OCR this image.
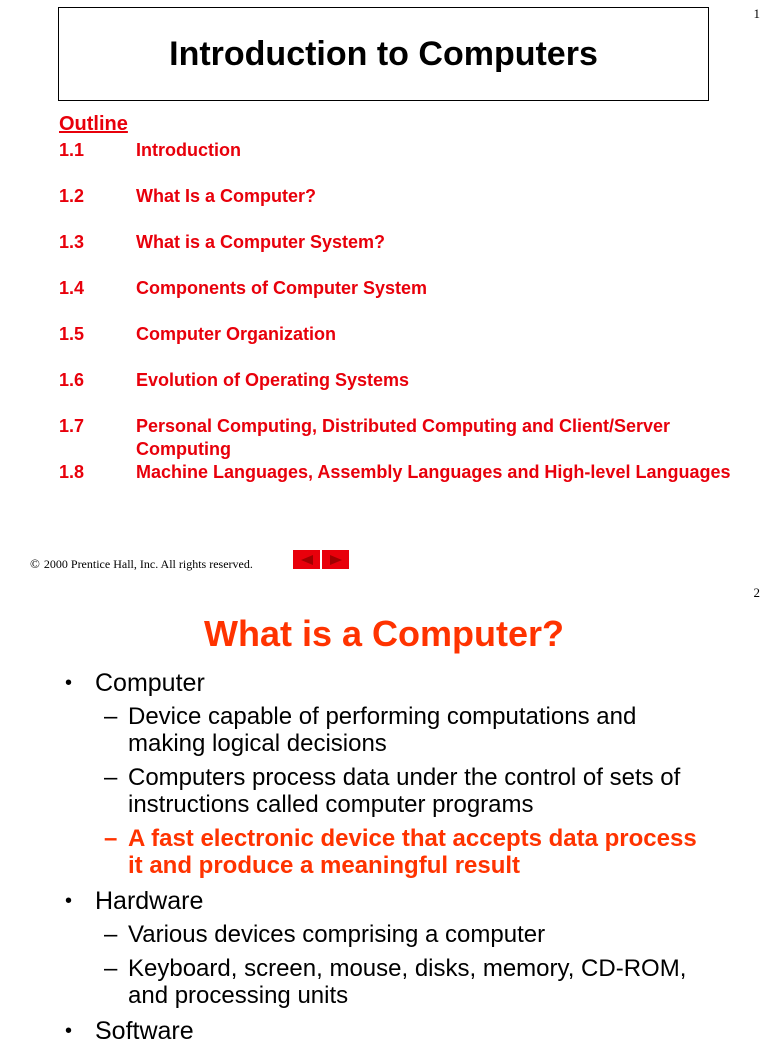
1
Introduction to Computers
Outline
1.1	Introduction
1.2	What Is a Computer?
1.3	What is a Computer System?
1.4	Components of Computer System
1.5	Computer Organization
1.6	Evolution of Operating Systems
1.7	Personal Computing, Distributed Computing and Client/Server Computing
1.8	Machine Languages, Assembly Languages and High-level Languages
© 2000 Prentice Hall, Inc. All rights reserved.
2
What is a Computer?
• Computer
– Device capable of performing computations and making logical decisions
– Computers process data under the control of sets of instructions called computer programs
– A fast electronic device that accepts data process it and produce a meaningful result
• Hardware
– Various devices comprising a computer
– Keyboard, screen, mouse, disks, memory, CD-ROM, and processing units
• Software
